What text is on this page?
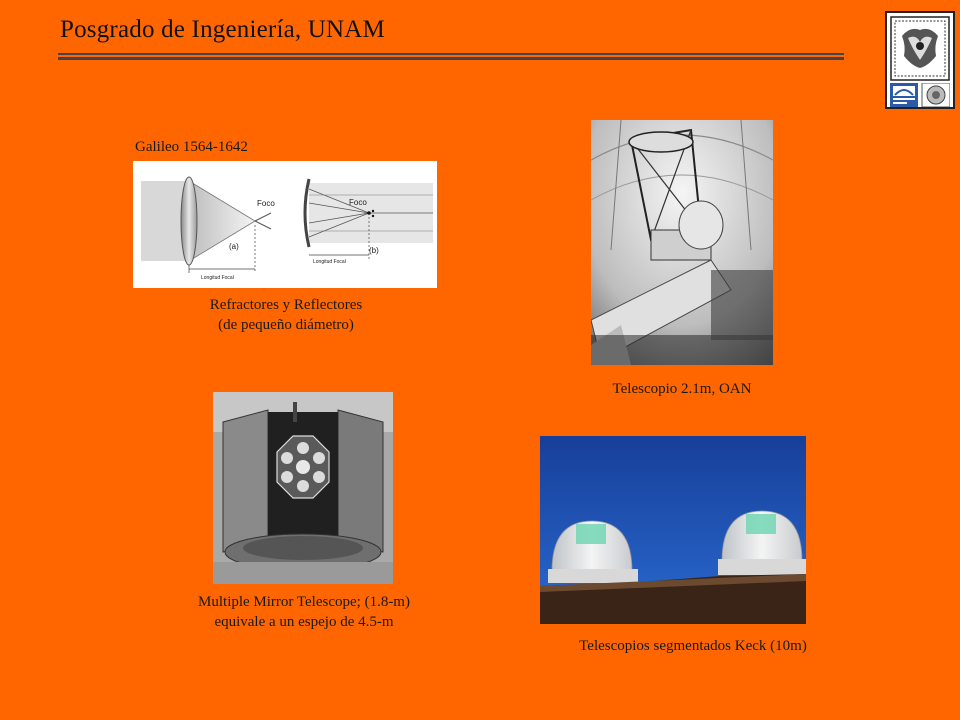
Posgrado de Ingeniería, UNAM
Galileo 1564-1642
Foco
(a)
Longitud Focal
Foco
(b)
Longitud Focal
Refractores y Reflectores
(de pequeño diámetro)
Telescopio 2.1m, OAN
Multiple Mirror Telescope; (1.8-m)
equivale a un espejo de 4.5-m
Telescopios segmentados Keck (10m)
